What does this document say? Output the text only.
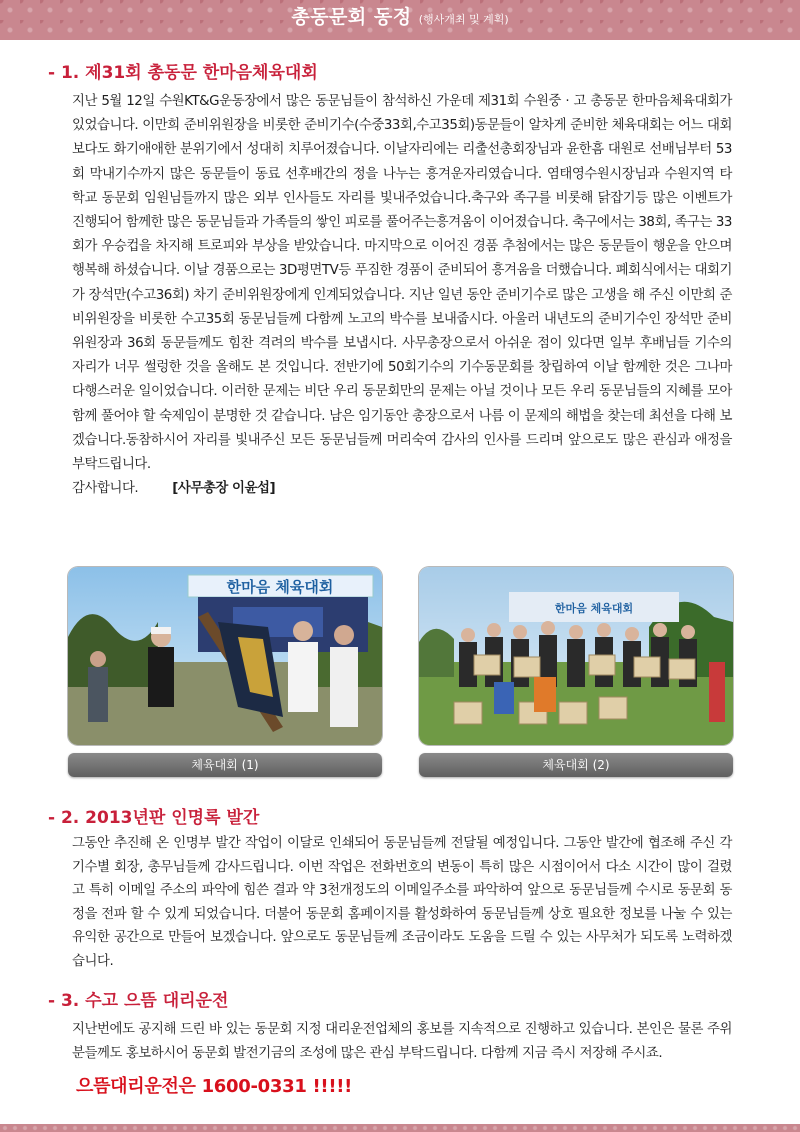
총동문회 동정 (행사개최 및 계획)
- 1. 제31회 총동문 한마음체육대회

지난 5월 12일 수원KT&G운동장에서 많은 동문님들이 참석하신 가운데 제31회 수원중 · 고 총동문 한마음체육대회가 있었습니다. 이만희 준비위원장을 비롯한 준비기수(수중33회,수고35회)동문들이 알차게 준비한 체육대회는 어느 대회보다도 화기애애한 분위기에서 성대히 치루어졌습니다. 이날자리에는 리출선총회장님과 윤한흠 대원로 선배님부터 53회 막내기수까지 많은 동문들이 동료 선후배간의 정을 나누는 흥겨운자리였습니다. 염태영수원시장님과 수원지역 타 학교 동문회 임원님들까지 많은 외부 인사들도 자리를 빛내주었습니다.축구와 족구를 비롯해 닭잡기등 많은 이벤트가 진행되어 함께한 많은 동문님들과 가족들의 쌓인 피로를 풀어주는흥겨움이 이어졌습니다. 축구에서는 38회, 족구는 33회가 우승컵을 차지해 트로피와 부상을 받았습니다. 마지막으로 이어진 경품 추첨에서는 많은 동문들이 행운을 안으며 행복해 하셨습니다. 이날 경품으로는 3D평면TV등 푸짐한 경품이 준비되어 흥겨움을 더했습니다. 폐회식에서는 대회기가 장석만(수고36회) 차기 준비위원장에게 인계되었습니다. 지난 일년 동안 준비기수로 많은 고생을 해 주신 이만희 준비위원장을 비롯한 수고35회 동문님들께 다함께 노고의 박수를 보내줍시다. 아울러 내년도의 준비기수인 장석만 준비위원장과 36회 동문들께도 힘찬 격려의 박수를 보냅시다. 사무총장으로서 아쉬운 점이 있다면 일부 후배님들 기수의 자리가 너무 썰렁한 것을 올해도 본 것입니다. 전반기에 50회기수의 기수동문회를 창립하여 이날 함께한 것은 그나마 다행스러운 일이었습니다. 이러한 문제는 비단 우리 동문회만의 문제는 아닐 것이나 모든 우리 동문님들의 지혜를 모아 함께 풀어야 할 숙제임이 분명한 것 같습니다. 남은 임기동안 총장으로서 나름 이 문제의 해법을 찾는데 최선을 다해 보겠습니다.동참하시어 자리를 빛내주신 모든 동문님들께 머리숙여 감사의 인사를 드리며 앞으로도 많은 관심과 애정을 부탁드립니다.
감사합니다.	[사무총장 이윤섭]

한마음 체육대회
체육대회 (1)
한마음 체육대회
체육대회 (2)
- 2. 2013년판 인명록 발간

그동안 추진해 온 인명부 발간 작업이 이달로 인쇄되어 동문님들께 전달될 예정입니다. 그동안 발간에 협조해 주신 각 기수별 회장, 총무님들께 감사드립니다. 이번 작업은 전화번호의 변동이 특히 많은 시점이어서 다소 시간이 많이 걸렸고 특히 이메일 주소의 파악에 힘쓴 결과 약 3천개정도의 이메일주소를 파악하여 앞으로 동문님들께 수시로 동문회 동정을 전파 할 수 있게 되었습니다. 더불어 동문회 홈페이지를 활성화하여 동문님들께 상호 필요한 정보를 나눌 수 있는 유익한 공간으로 만들어 보겠습니다. 앞으로도 동문님들께 조금이라도 도움을 드릴 수 있는 사무처가 되도록 노력하겠습니다.

- 3. 수고 으뜸 대리운전

지난번에도 공지해 드린 바 있는 동문회 지정 대리운전업체의 홍보를 지속적으로 진행하고 있습니다. 본인은 물론 주위분들께도 홍보하시어 동문회 발전기금의 조성에 많은 관심 부탁드립니다. 다함께 지금 즉시 저장해 주시죠.

으뜸대리운전은 1600-0331 !!!!!
